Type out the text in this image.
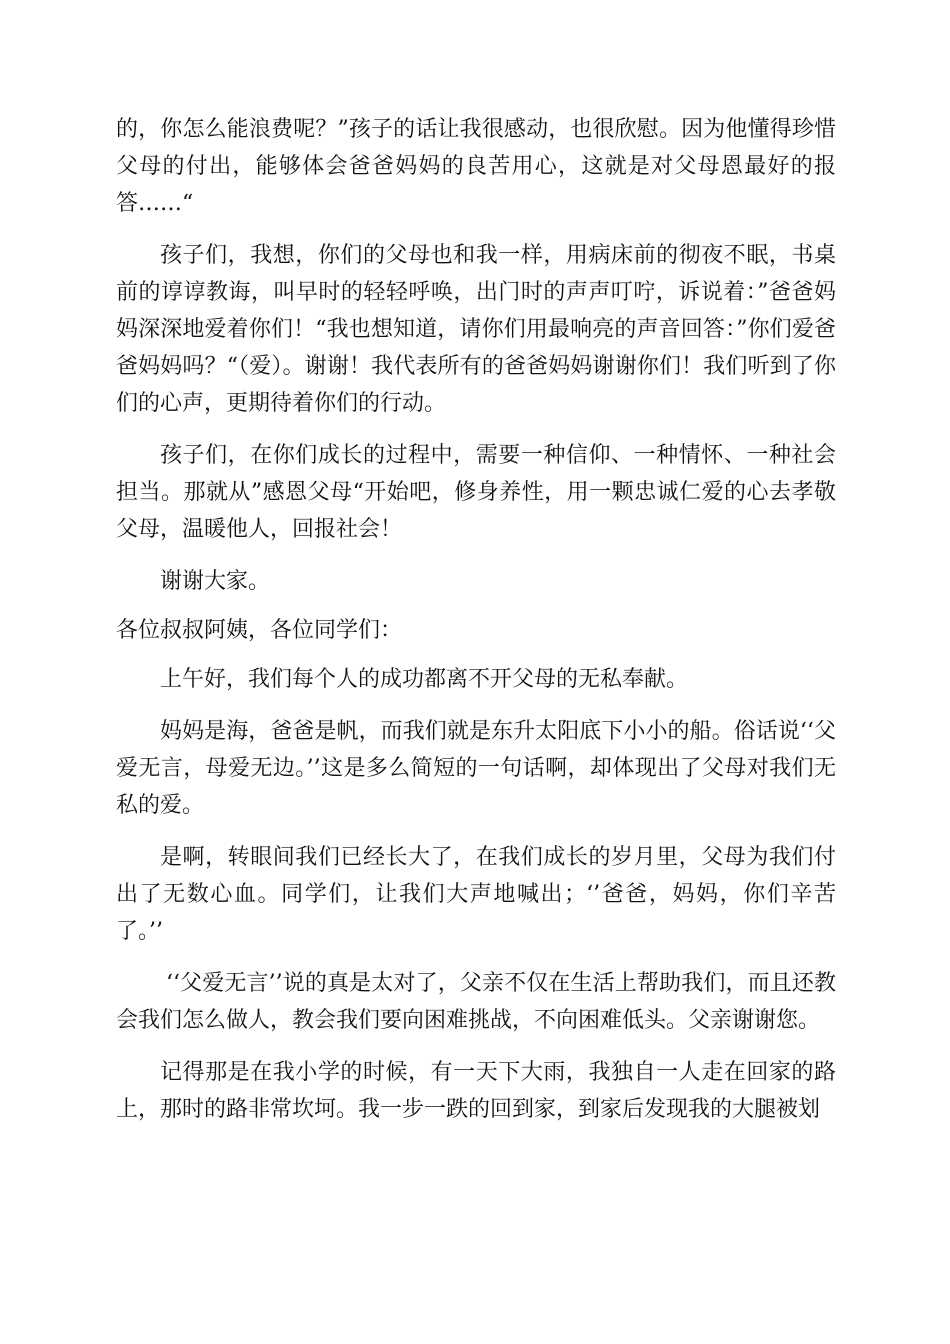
的，你怎么能浪费呢？”孩子的话让我很感动，也很欣慰。因为他懂得珍惜父母的付出，能够体会爸爸妈妈的良苦用心，这就是对父母恩最好的报答……“

孩子们，我想，你们的父母也和我一样，用病床前的彻夜不眠，书桌前的谆谆教诲，叫早时的轻轻呼唤，出门时的声声叮咛，诉说着：”爸爸妈妈深深地爱着你们！“我也想知道，请你们用最响亮的声音回答：”你们爱爸爸妈妈吗？“（爱）。谢谢！我代表所有的爸爸妈妈谢谢你们！我们听到了你们的心声，更期待着你们的行动。

孩子们，在你们成长的过程中，需要一种信仰、一种情怀、一种社会担当。那就从”感恩父母“开始吧，修身养性，用一颗忠诚仁爱的心去孝敬父母，温暖他人，回报社会！

谢谢大家。

各位叔叔阿姨，各位同学们：

上午好，我们每个人的成功都离不开父母的无私奉献。

妈妈是海，爸爸是帆，而我们就是东升太阳底下小小的船。俗话说‘‘父爱无言，母爱无边。’’这是多么简短的一句话啊，却体现出了父母对我们无私的爱。

是啊，转眼间我们已经长大了，在我们成长的岁月里，父母为我们付出了无数心血。同学们，让我们大声地喊出；‘’爸爸，妈妈，你们辛苦了。’’

‘‘父爱无言’’说的真是太对了，父亲不仅在生活上帮助我们，而且还教会我们怎么做人，教会我们要向困难挑战，不向困难低头。父亲谢谢您。

记得那是在我小学的时候，有一天下大雨，我独自一人走在回家的路上，那时的路非常坎坷。我一步一跌的回到家，到家后发现我的大腿被划
